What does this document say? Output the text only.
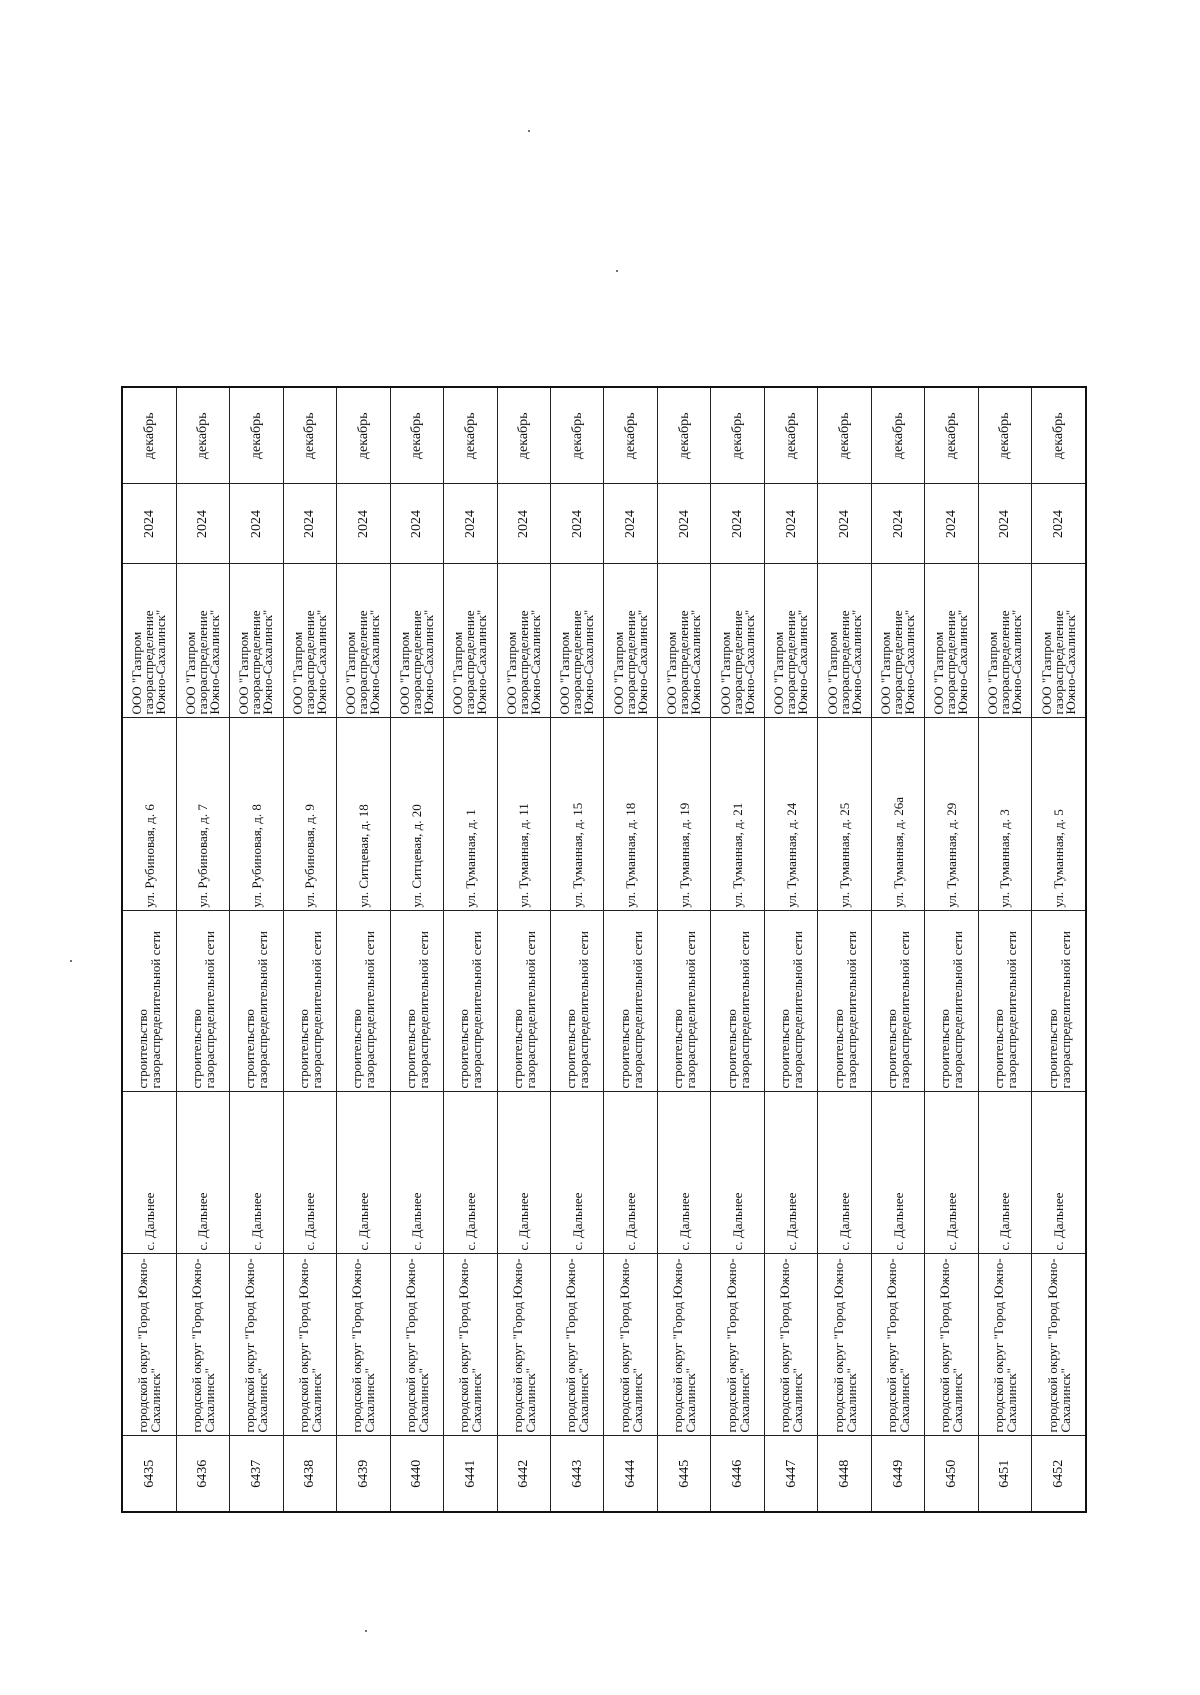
6435	городской округ "Город Южно-Сахалинск"	с. Дальнее	строительство газораспределительной сети	ул. Рубиновая, д. 6	ООО "Газпром газораспределение Южно-Сахалинск"	2024	декабрь
6436	городской округ "Город Южно-Сахалинск"	с. Дальнее	строительство газораспределительной сети	ул. Рубиновая, д. 7	ООО "Газпром газораспределение Южно-Сахалинск"	2024	декабрь
6437	городской округ "Город Южно-Сахалинск"	с. Дальнее	строительство газораспределительной сети	ул. Рубиновая, д. 8	ООО "Газпром газораспределение Южно-Сахалинск"	2024	декабрь
6438	городской округ "Город Южно-Сахалинск"	с. Дальнее	строительство газораспределительной сети	ул. Рубиновая, д. 9	ООО "Газпром газораспределение Южно-Сахалинск"	2024	декабрь
6439	городской округ "Город Южно-Сахалинск"	с. Дальнее	строительство газораспределительной сети	ул. Ситцевая, д. 18	ООО "Газпром газораспределение Южно-Сахалинск"	2024	декабрь
6440	городской округ "Город Южно-Сахалинск"	с. Дальнее	строительство газораспределительной сети	ул. Ситцевая, д. 20	ООО "Газпром газораспределение Южно-Сахалинск"	2024	декабрь
6441	городской округ "Город Южно-Сахалинск"	с. Дальнее	строительство газораспределительной сети	ул. Туманная, д. 1	ООО "Газпром газораспределение Южно-Сахалинск"	2024	декабрь
6442	городской округ "Город Южно-Сахалинск"	с. Дальнее	строительство газораспределительной сети	ул. Туманная, д. 11	ООО "Газпром газораспределение Южно-Сахалинск"	2024	декабрь
6443	городской округ "Город Южно-Сахалинск"	с. Дальнее	строительство газораспределительной сети	ул. Туманная, д. 15	ООО "Газпром газораспределение Южно-Сахалинск"	2024	декабрь
6444	городской округ "Город Южно-Сахалинск"	с. Дальнее	строительство газораспределительной сети	ул. Туманная, д. 18	ООО "Газпром газораспределение Южно-Сахалинск"	2024	декабрь
6445	городской округ "Город Южно-Сахалинск"	с. Дальнее	строительство газораспределительной сети	ул. Туманная, д. 19	ООО "Газпром газораспределение Южно-Сахалинск"	2024	декабрь
6446	городской округ "Город Южно-Сахалинск"	с. Дальнее	строительство газораспределительной сети	ул. Туманная, д. 21	ООО "Газпром газораспределение Южно-Сахалинск"	2024	декабрь
6447	городской округ "Город Южно-Сахалинск"	с. Дальнее	строительство газораспределительной сети	ул. Туманная, д. 24	ООО "Газпром газораспределение Южно-Сахалинск"	2024	декабрь
6448	городской округ "Город Южно-Сахалинск"	с. Дальнее	строительство газораспределительной сети	ул. Туманная, д. 25	ООО "Газпром газораспределение Южно-Сахалинск"	2024	декабрь
6449	городской округ "Город Южно-Сахалинск"	с. Дальнее	строительство газораспределительной сети	ул. Туманная, д. 26а	ООО "Газпром газораспределение Южно-Сахалинск"	2024	декабрь
6450	городской округ "Город Южно-Сахалинск"	с. Дальнее	строительство газораспределительной сети	ул. Туманная, д. 29	ООО "Газпром газораспределение Южно-Сахалинск"	2024	декабрь
6451	городской округ "Город Южно-Сахалинск"	с. Дальнее	строительство газораспределительной сети	ул. Туманная, д. 3	ООО "Газпром газораспределение Южно-Сахалинск"	2024	декабрь
6452	городской округ "Город Южно-Сахалинск"	с. Дальнее	строительство газораспределительной сети	ул. Туманная, д. 5	ООО "Газпром газораспределение Южно-Сахалинск"	2024	декабрь
